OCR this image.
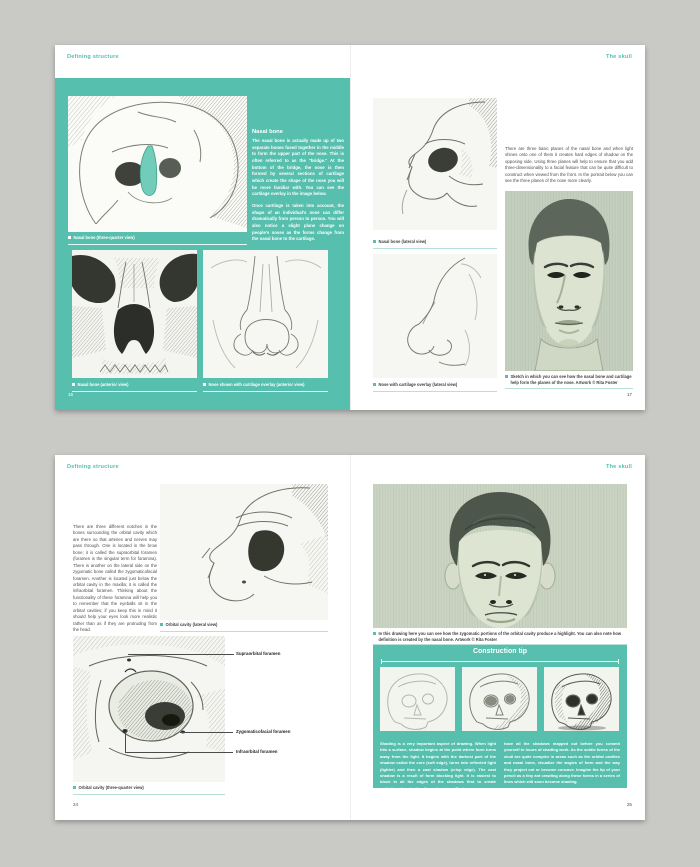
Defining structure
Nasal bone (three-quarter view)
Nasal bone

The nasal bone is actually made up of two separate bones fused together in the middle to form the upper part of the nose. This is often referred to as the "bridge." At the bottom of the bridge, the nose is then formed by several sections of cartilage which create the shape of the nose you will be more familiar with. You can see the cartilage overlay in the image below.

Once cartilage is taken into account, the shape of an individual's nose can differ dramatically from person to person. You will also notice a slight plane change on people's noses as the forms change from the nasal bone to the cartilage.

Nasal bone (anterior view)	Nose shown with cartilage overlay (anterior view)
16
The skull
Nasal bone (lateral view)
Nose with cartilage overlay (lateral view)
There are three basic planes of the nasal bone and when light shines onto one of them it creates hard edges of shadow on the opposing side. Using three planes will help to ensure that you add three-dimensionality to a facial feature that can be quite difficult to construct when viewed from the front. In the portrait below you can see the three planes of the nose more clearly.
Sketch in which you can see how the nasal bone and cartilage help form the planes of the nose. Artwork © Rita Foster
17
Defining structure
There are three different notches in the bones surrounding the orbital cavity which are there so that arteries and nerves may pass through. One is located in the brow bone; it is called the supraorbital foramen (foramen is the singular term for foramina). There is another on the lateral side on the zygomatic bone called the zygomaticofacial foramen. Another is located just below the orbital cavity in the maxilla; it is called the infraorbital foramen. Thinking about the functionality of these foramina will help you to remember that the eyeballs sit in the orbital cavities; if you keep this in mind it should help your eyes look more realistic rather than as if they are protruding from the head.
Orbital cavity (lateral view)
Orbital cavity (three-quarter view)
Supraorbital foramen
Zygomaticofacial foramen
Infraorbital foramen
24
The skull
In this drawing here you can see how the zygomatic portions of the orbital cavity produce a highlight. You can also note how definition is created by the nasal bone. Artwork © Rita Foster
Construction tip
Shading is a very important aspect of drawing. When light hits a surface, shadow begins at the point where form turns away from the light. It begins with the darkest part of the shadow called the core (soft edge), turns into reflected light (lighter) and then a cast shadow (crisp edge). The cast shadow is a result of form blocking light. It is easiest to block in all the edges of the shadows first to create guidelines for shading the entire piece. That way you
have all the shadows mapped out before you commit yourself to hours of shading work. As the subtle forms of the skull are quite complex in areas such as the orbital cavities and nasal bone, visualize the angles of form and the way they project out or become concave. Imagine the tip of your pencil as a tiny ant crawling along these forms in a series of lines which will soon become shading.
25
